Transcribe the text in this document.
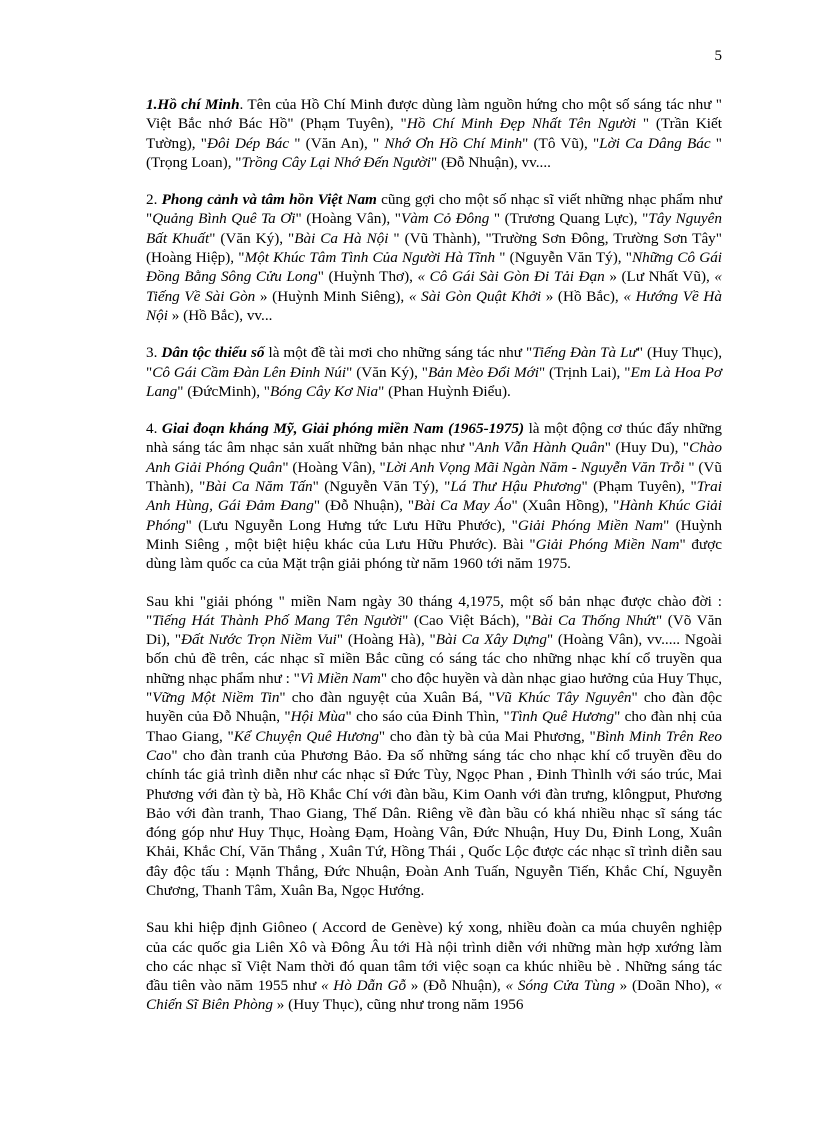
5

1.Hồ chí Minh. Tên của Hồ Chí Minh được dùng làm nguồn hứng cho một số sáng tác như " Việt Bắc nhớ Bác Hồ" (Phạm Tuyên), "Hồ Chí Minh Đẹp Nhất Tên Người " (Trần Kiết Tường), "Đôi Dép Bác " (Văn An), " Nhớ Ơn Hồ Chí Minh" (Tô Vũ), "Lời Ca Dâng Bác " (Trọng Loan), "Trồng Cây Lại Nhớ Đến Người" (Đỗ Nhuận), vv....

2. Phong cảnh và tâm hồn Việt Nam cũng gợi cho một số nhạc sĩ viết những nhạc phẩm như "Quảng Bình Quê Ta Ơi" (Hoàng Vân), "Vàm Cỏ Đông " (Trương Quang Lực), "Tây Nguyên Bất Khuất" (Văn Ký), "Bài Ca Hà Nội " (Vũ Thành), "Trường Sơn Đông, Trường Sơn Tây" (Hoàng Hiệp), "Một Khúc Tâm Tình Của Người Hà Tĩnh " (Nguyễn Văn Tý), "Những Cô Gái Đồng Bằng Sông Cửu Long" (Huỳnh Thơ), « Cô Gái Sài Gòn Đi Tải Đạn » (Lư Nhất Vũ), « Tiếng Về Sài Gòn » (Huỳnh Minh Siêng), « Sài Gòn Quật Khởi » (Hồ Bắc), « Hướng Về Hà Nội » (Hồ Bắc), vv...

3. Dân tộc thiểu số là một đề tài mơi cho những sáng tác như "Tiếng Đàn Tà Lư" (Huy Thục), "Cô Gái Cầm Đàn Lên Đỉnh Núi" (Văn Ký), "Bản Mèo Đổi Mới" (Trịnh Lai), "Em Là Hoa Pơ Lang" (ĐứcMinh), "Bóng Cây Kơ Nia" (Phan Huỳnh Điểu).

4. Giai đoạn kháng Mỹ, Giải phóng miền Nam (1965-1975) là một động cơ thúc đẩy những nhà sáng tác âm nhạc sản xuất những bản nhạc như "Anh Vẫn Hành Quân" (Huy Du), "Chào Anh Giải Phóng Quân" (Hoàng Vân), "Lời Anh Vọng Mãi Ngàn Năm - Nguyễn Văn Trỗi " (Vũ Thành), "Bài Ca Năm Tấn" (Nguyễn Văn Tý), "Lá Thư Hậu Phương" (Phạm Tuyên), "Trai Anh Hùng, Gái Đảm Đang" (Đỗ Nhuận), "Bài Ca May Áo" (Xuân Hồng), "Hành Khúc Giải Phóng" (Lưu Nguyễn Long Hưng tức Lưu Hữu Phước), "Giải Phóng Miền Nam" (Huỳnh Minh Siêng , một biệt hiệu khác của Lưu Hữu Phước). Bài "Giải Phóng Miền Nam" được dùng làm quốc ca của Mặt trận giải phóng từ năm 1960 tới năm 1975.

Sau khi "giải phóng " miền Nam ngày 30 tháng 4,1975, một số bản nhạc được chào đời : "Tiếng Hát Thành Phố Mang Tên Người" (Cao Việt Bách), "Bài Ca Thống Nhứt" (Võ Văn Di), "Đất Nước Trọn Niềm Vui" (Hoàng Hà), "Bài Ca Xây Dựng" (Hoàng Vân), vv..... Ngoài bốn chủ đề trên, các nhạc sĩ miền Bắc cũng có sáng tác cho những nhạc khí cổ truyền qua những nhạc phẩm như : "Vì Miền Nam" cho độc huyền và dàn nhạc giao hưởng của Huy Thục, "Vững Một Niềm Tin" cho đàn nguyệt của Xuân Bá, "Vũ Khúc Tây Nguyên" cho đàn độc huyền của Đỗ Nhuận, "Hội Mùa" cho sáo của Đinh Thìn, "Tình Quê Hương" cho đàn nhị của Thao Giang, "Kể Chuyện Quê Hương" cho đàn tỳ bà của Mai Phương, "Bình Minh Trên Reo Cao" cho đàn tranh của Phương Bảo. Đa số những sáng tác cho nhạc khí cổ truyền đều do chính tác giả trình diễn như các nhạc sĩ Đức Tùy, Ngọc Phan , Đinh Thìnlh với sáo trúc, Mai Phương với đàn tỳ bà, Hồ Khắc Chí với đàn bầu, Kim Oanh với đàn trưng, klôngput, Phương Bảo với đàn tranh, Thao Giang, Thế Dân. Riêng về đàn bầu có khá nhiều nhạc sĩ sáng tác đóng góp như Huy Thục, Hoàng Đạm, Hoàng Vân, Đức Nhuận, Huy Du, Đinh Long, Xuân Khải, Khắc Chí, Văn Thắng , Xuân Tứ, Hồng Thái , Quốc Lộc được các nhạc sĩ trình diễn sau đây độc tấu : Mạnh Thắng, Đức Nhuận, Đoàn Anh Tuấn, Nguyễn Tiến, Khắc Chí, Nguyễn Chương, Thanh Tâm, Xuân Ba, Ngọc Hướng.

Sau khi hiệp định Giôneo ( Accord de Genève) ký xong, nhiều đoàn ca múa chuyên nghiệp của các quốc gia Liên Xô và Đông Âu tới Hà nội trình diễn với những màn hợp xướng làm cho các nhạc sĩ Việt Nam thời đó quan tâm tới việc soạn ca khúc nhiều bè . Những sáng tác đầu tiên vào năm 1955 như « Hò Dẫn Gỗ » (Đỗ Nhuận), « Sóng Cửa Tùng » (Doãn Nho), « Chiến Sĩ Biên Phòng » (Huy Thục), cũng như trong năm 1956
